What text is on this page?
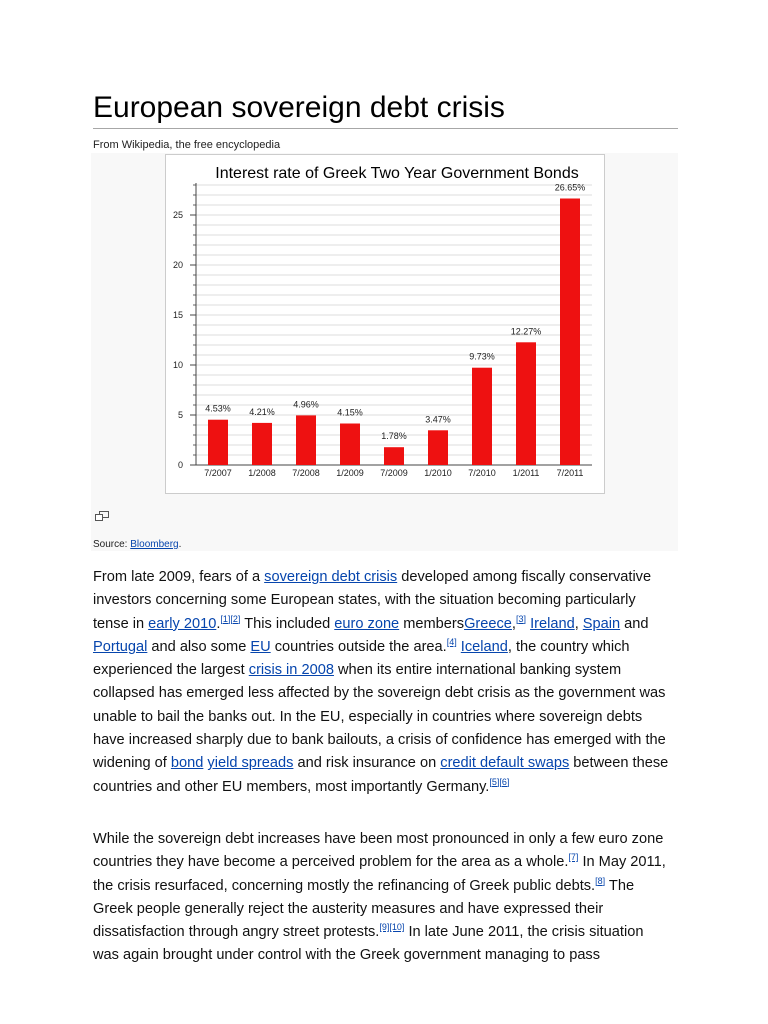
European sovereign debt crisis
From Wikipedia, the free encyclopedia
Interest rate of Greek Two Year Government Bonds
0
5
10
15
20
25
4.53%
7/2007
4.21%
1/2008
4.96%
7/2008
4.15%
1/2009
1.78%
7/2009
3.47%
1/2010
9.73%
7/2010
12.27%
1/2011
26.65%
7/2011
Source: Bloomberg.

From late 2009, fears of a sovereign debt crisis developed among fiscally conservative investors concerning some European states, with the situation becoming particularly tense in early 2010.[1][2] This included euro zone membersGreece,[3] Ireland, Spain and Portugal and also some EU countries outside the area.[4] Iceland, the country which experienced the largest crisis in 2008 when its entire international banking system collapsed has emerged less affected by the sovereign debt crisis as the government was unable to bail the banks out. In the EU, especially in countries where sovereign debts have increased sharply due to bank bailouts, a crisis of confidence has emerged with the widening of bond yield spreads and risk insurance on credit default swaps between these countries and other EU members, most importantly Germany.[5][6]

While the sovereign debt increases have been most pronounced in only a few euro zone countries they have become a perceived problem for the area as a whole.[7] In May 2011, the crisis resurfaced, concerning mostly the refinancing of Greek public debts.[8] The Greek people generally reject the austerity measures and have expressed their dissatisfaction through angry street protests.[9][10] In late June 2011, the crisis situation was again brought under control with the Greek government managing to pass
